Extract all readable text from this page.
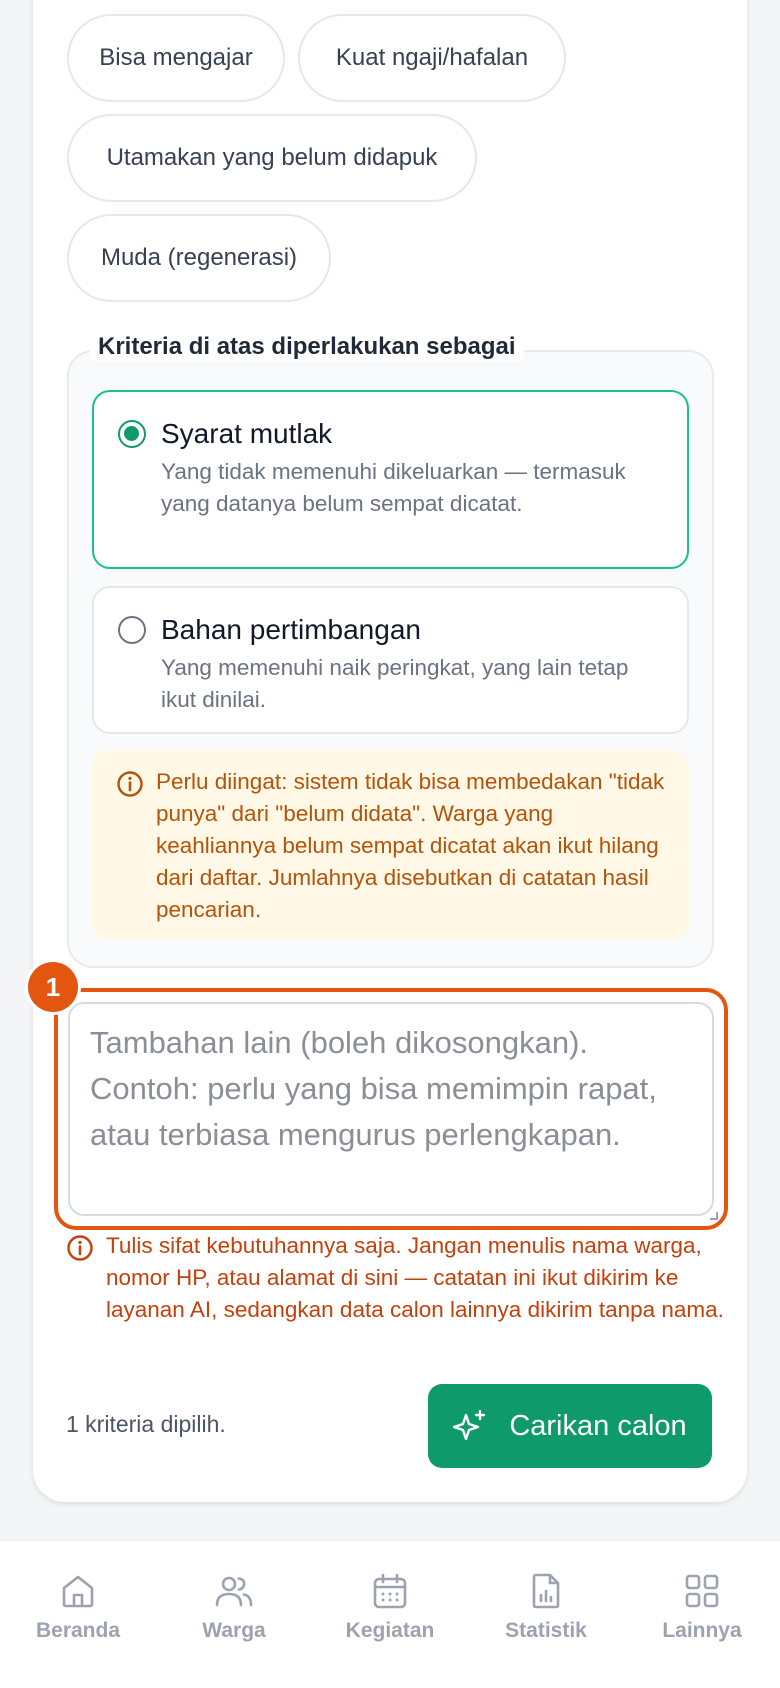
Bisa mengajar	Kuat ngaji/hafalan
Utamakan yang belum didapuk
Muda (regenerasi)
Kriteria di atas diperlakukan sebagai
Syarat mutlak
Yang tidak memenuhi dikeluarkan — termasuk yang datanya belum sempat dicatat.
Bahan pertimbangan
Yang memenuhi naik peringkat, yang lain tetap ikut dinilai.
Perlu diingat: sistem tidak bisa membedakan "tidak punya" dari "belum didata". Warga yang keahliannya belum sempat dicatat akan ikut hilang dari daftar. Jumlahnya disebutkan di catatan hasil pencarian.
Tambahan lain (boleh dikosongkan). Contoh: perlu yang bisa memimpin rapat, atau terbiasa mengurus perlengkapan.
1
Tulis sifat kebutuhannya saja. Jangan menulis nama warga, nomor HP, atau alamat di sini — catatan ini ikut dikirim ke layanan AI, sedangkan data calon lainnya dikirim tanpa nama.
1 kriteria dipilih.	Carikan calon
Beranda	Warga	Kegiatan	Statistik	Lainnya
